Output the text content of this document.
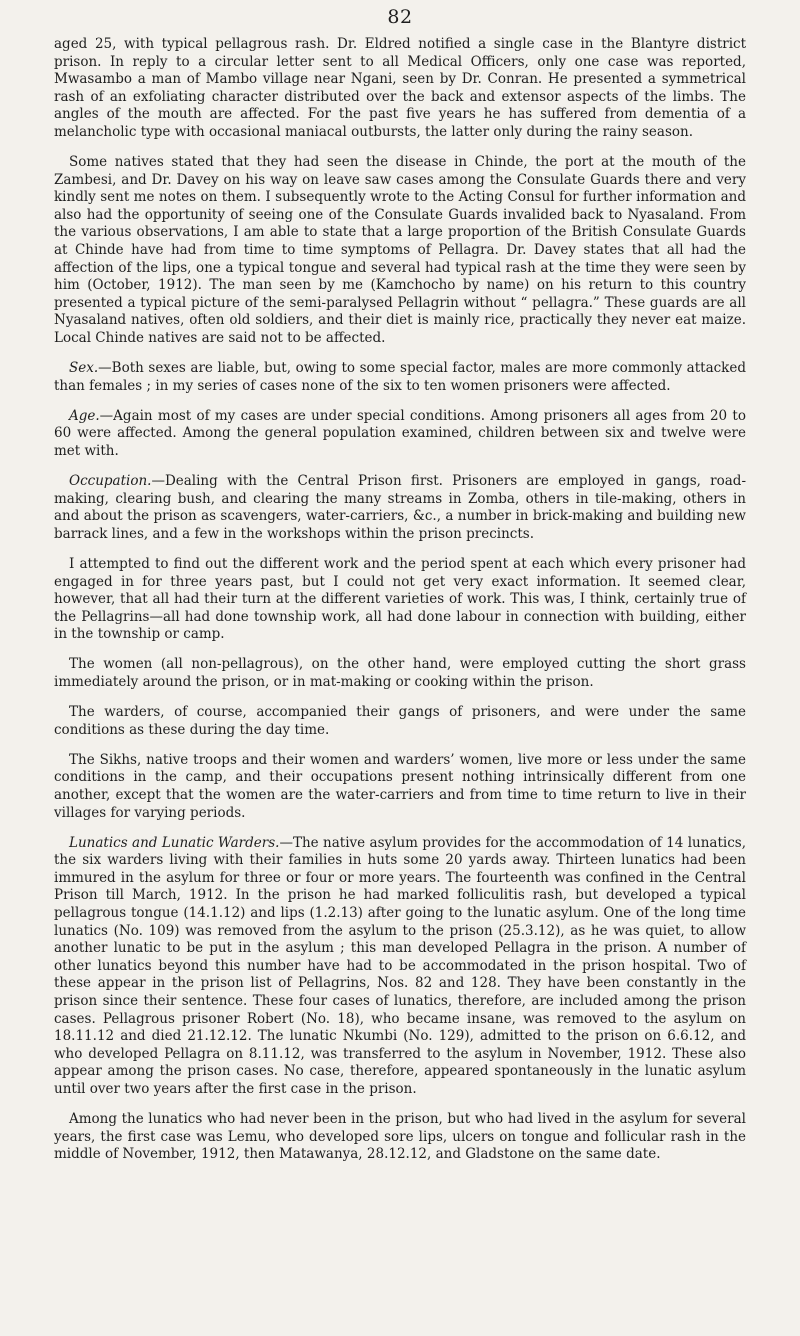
82

aged 25, with typical pellagrous rash. Dr. Eldred notified a single case in the Blantyre district prison. In reply to a circular letter sent to all Medical Officers, only one case was reported, Mwasambo a man of Mambo village near Ngani, seen by Dr. Conran. He presented a symmetrical rash of an exfoliating character distributed over the back and extensor aspects of the limbs. The angles of the mouth are affected. For the past five years he has suffered from dementia of a melancholic type with occasional maniacal outbursts, the latter only during the rainy season.

Some natives stated that they had seen the disease in Chinde, the port at the mouth of the Zambesi, and Dr. Davey on his way on leave saw cases among the Consulate Guards there and very kindly sent me notes on them. I subsequently wrote to the Acting Consul for further information and also had the opportunity of seeing one of the Consulate Guards invalided back to Nyasaland. From the various observations, I am able to state that a large proportion of the British Consulate Guards at Chinde have had from time to time symptoms of Pellagra. Dr. Davey states that all had the affection of the lips, one a typical tongue and several had typical rash at the time they were seen by him (October, 1912). The man seen by me (Kamchocho by name) on his return to this country presented a typical picture of the semi-paralysed Pellagrin without “ pellagra.” These guards are all Nyasaland natives, often old soldiers, and their diet is mainly rice, practically they never eat maize. Local Chinde natives are said not to be affected.

Sex.—Both sexes are liable, but, owing to some special factor, males are more commonly attacked than females ; in my series of cases none of the six to ten women prisoners were affected.

Age.—Again most of my cases are under special conditions. Among prisoners all ages from 20 to 60 were affected. Among the general population examined, children between six and twelve were met with.

Occupation.—Dealing with the Central Prison first. Prisoners are employed in gangs, road-making, clearing bush, and clearing the many streams in Zomba, others in tile-making, others in and about the prison as scavengers, water-carriers, &c., a number in brick-making and building new barrack lines, and a few in the workshops within the prison precincts.

I attempted to find out the different work and the period spent at each which every prisoner had engaged in for three years past, but I could not get very exact information. It seemed clear, however, that all had their turn at the different varieties of work. This was, I think, certainly true of the Pellagrins—all had done township work, all had done labour in connection with building, either in the township or camp.

The women (all non-pellagrous), on the other hand, were employed cutting the short grass immediately around the prison, or in mat-making or cooking within the prison.

The warders, of course, accompanied their gangs of prisoners, and were under the same conditions as these during the day time.

The Sikhs, native troops and their women and warders’ women, live more or less under the same conditions in the camp, and their occupations present nothing intrinsically different from one another, except that the women are the water-carriers and from time to time return to live in their villages for varying periods.

Lunatics and Lunatic Warders.—The native asylum provides for the accommodation of 14 lunatics, the six warders living with their families in huts some 20 yards away. Thirteen lunatics had been immured in the asylum for three or four or more years. The fourteenth was confined in the Central Prison till March, 1912. In the prison he had marked folliculitis rash, but developed a typical pellagrous tongue (14.1.12) and lips (1.2.13) after going to the lunatic asylum. One of the long time lunatics (No. 109) was removed from the asylum to the prison (25.3.12), as he was quiet, to allow another lunatic to be put in the asylum ; this man developed Pellagra in the prison. A number of other lunatics beyond this number have had to be accommodated in the prison hospital. Two of these appear in the prison list of Pellagrins, Nos. 82 and 128. They have been constantly in the prison since their sentence. These four cases of lunatics, therefore, are included among the prison cases. Pellagrous prisoner Robert (No. 18), who became insane, was removed to the asylum on 18.11.12 and died 21.12.12. The lunatic Nkumbi (No. 129), admitted to the prison on 6.6.12, and who developed Pellagra on 8.11.12, was transferred to the asylum in November, 1912. These also appear among the prison cases. No case, therefore, appeared spontaneously in the lunatic asylum until over two years after the first case in the prison.

Among the lunatics who had never been in the prison, but who had lived in the asylum for several years, the first case was Lemu, who developed sore lips, ulcers on tongue and follicular rash in the middle of November, 1912, then Matawanya, 28.12.12, and Gladstone on the same date.
